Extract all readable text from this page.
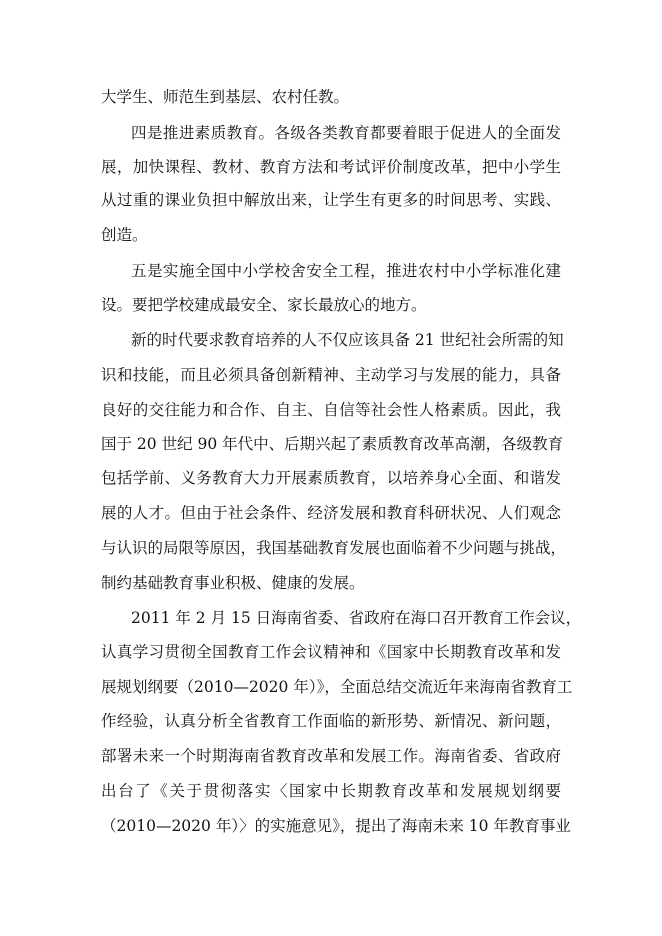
大学生、师范生到基层、农村任教。
四是推进素质教育。各级各类教育都要着眼于促进人的全面发
展，加快课程、教材、教育方法和考试评价制度改革，把中小学生
从过重的课业负担中解放出来，让学生有更多的时间思考、实践、
创造。
五是实施全国中小学校舍安全工程，推进农村中小学标准化建
设。要把学校建成最安全、家长最放心的地方。
新的时代要求教育培养的人不仅应该具备 21 世纪社会所需的知
识和技能，而且必须具备创新精神、主动学习与发展的能力，具备
良好的交往能力和合作、自主、自信等社会性人格素质。因此，我
国于 20 世纪 90 年代中、后期兴起了素质教育改革高潮，各级教育
包括学前、义务教育大力开展素质教育，以培养身心全面、和谐发
展的人才。但由于社会条件、经济发展和教育科研状况、人们观念
与认识的局限等原因，我国基础教育发展也面临着不少问题与挑战，
制约基础教育事业积极、健康的发展。
2011 年 2 月 15 日海南省委、省政府在海口召开教育工作会议，
认真学习贯彻全国教育工作会议精神和《国家中长期教育改革和发
展规划纲要（2010—2020 年）》，全面总结交流近年来海南省教育工
作经验，认真分析全省教育工作面临的新形势、新情况、新问题，
部署未来一个时期海南省教育改革和发展工作。海南省委、省政府
出台了《关于贯彻落实〈国家中长期教育改革和发展规划纲要
（2010—2020 年）〉的实施意见》，提出了海南未来 10 年教育事业
